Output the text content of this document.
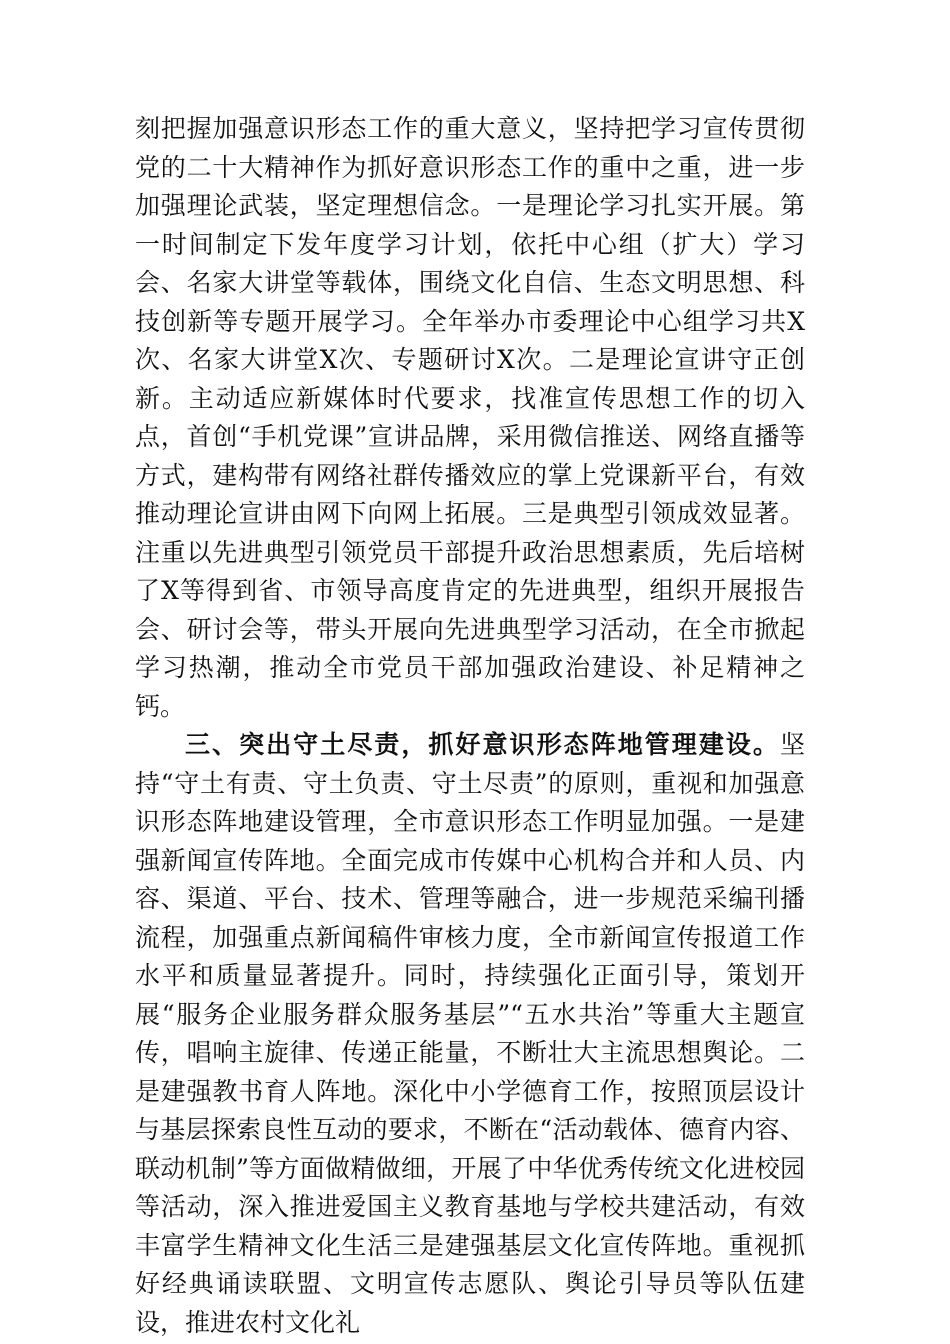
刻把握加强意识形态工作的重大意义，坚持把学习宣传贯彻党的二十大精神作为抓好意识形态工作的重中之重，进一步加强理论武装，坚定理想信念。一是理论学习扎实开展。第一时间制定下发年度学习计划，依托中心组（扩大）学习会、名家大讲堂等载体，围绕文化自信、生态文明思想、科技创新等专题开展学习。全年举办市委理论中心组学习共X次、名家大讲堂X次、专题研讨X次。二是理论宣讲守正创新。主动适应新媒体时代要求，找准宣传思想工作的切入点，首创“手机党课”宣讲品牌，采用微信推送、网络直播等方式，建构带有网络社群传播效应的掌上党课新平台，有效推动理论宣讲由网下向网上拓展。三是典型引领成效显著。注重以先进典型引领党员干部提升政治思想素质，先后培树了X等得到省、市领导高度肯定的先进典型，组织开展报告会、研讨会等，带头开展向先进典型学习活动，在全市掀起学习热潮，推动全市党员干部加强政治建设、补足精神之钙。

三、突出守土尽责，抓好意识形态阵地管理建设。坚持“守土有责、守土负责、守土尽责”的原则，重视和加强意识形态阵地建设管理，全市意识形态工作明显加强。一是建强新闻宣传阵地。全面完成市传媒中心机构合并和人员、内容、渠道、平台、技术、管理等融合，进一步规范采编刊播流程，加强重点新闻稿件审核力度，全市新闻宣传报道工作水平和质量显著提升。同时，持续强化正面引导，策划开展“服务企业服务群众服务基层”“五水共治”等重大主题宣传，唱响主旋律、传递正能量，不断壮大主流思想舆论。二是建强教书育人阵地。深化中小学德育工作，按照顶层设计与基层探索良性互动的要求，不断在“活动载体、德育内容、联动机制”等方面做精做细，开展了中华优秀传统文化进校园等活动，深入推进爱国主义教育基地与学校共建活动，有效丰富学生精神文化生活三是建强基层文化宣传阵地。重视抓好经典诵读联盟、文明宣传志愿队、舆论引导员等队伍建设，推进农村文化礼
